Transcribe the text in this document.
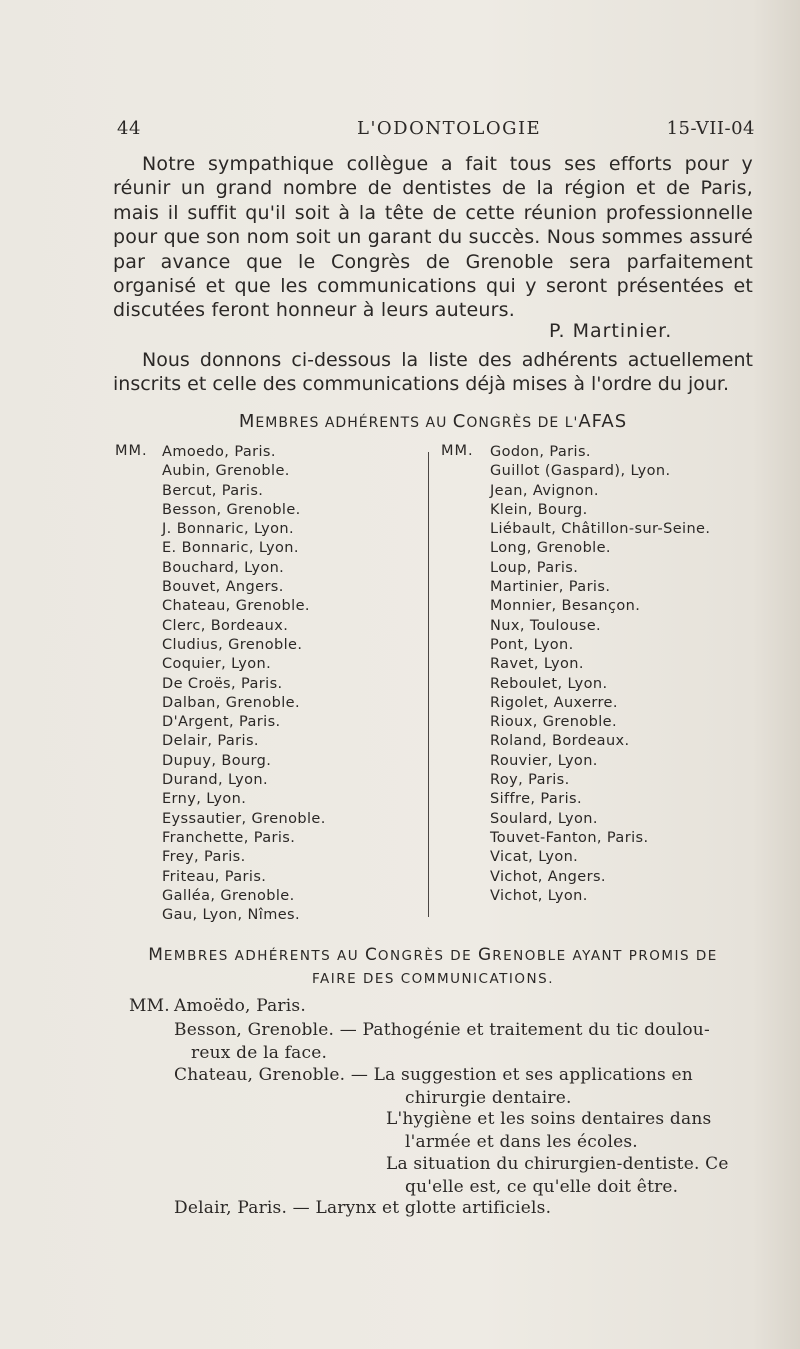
44	L'ODONTOLOGIE	15-VII-04

Notre sympathique collègue a fait tous ses efforts pour y réunir un grand nombre de dentistes de la région et de Paris, mais il suffit qu'il soit à la tête de cette réunion professionnelle pour que son nom soit un garant du succès. Nous sommes assuré par avance que le Congrès de Grenoble sera parfaitement organisé et que les communications qui y seront présentées et discutées feront honneur à leurs auteurs.

P. Martinier.

Nous donnons ci-dessous la liste des adhérents actuellement inscrits et celle des communications déjà mises à l'ordre du jour.

MEMBRES ADHÉRENTS AU CONGRÈS DE L'AFAS
MM. Amoedo, Paris.
Aubin, Grenoble.
Bercut, Paris.
Besson, Grenoble.
J. Bonnaric, Lyon.
E. Bonnaric, Lyon.
Bouchard, Lyon.
Bouvet, Angers.
Chateau, Grenoble.
Clerc, Bordeaux.
Cludius, Grenoble.
Coquier, Lyon.
De Croës, Paris.
Dalban, Grenoble.
D'Argent, Paris.
Delair, Paris.
Dupuy, Bourg.
Durand, Lyon.
Erny, Lyon.
Eyssautier, Grenoble.
Franchette, Paris.
Frey, Paris.
Friteau, Paris.
Galléa, Grenoble.
Gau, Lyon, Nîmes.
MM. Godon, Paris.
Guillot (Gaspard), Lyon.
Jean, Avignon.
Klein, Bourg.
Liébault, Châtillon-sur-Seine.
Long, Grenoble.
Loup, Paris.
Martinier, Paris.
Monnier, Besançon.
Nux, Toulouse.
Pont, Lyon.
Ravet, Lyon.
Reboulet, Lyon.
Rigolet, Auxerre.
Rioux, Grenoble.
Roland, Bordeaux.
Rouvier, Lyon.
Roy, Paris.
Siffre, Paris.
Soulard, Lyon.
Touvet-Fanton, Paris.
Vicat, Lyon.
Vichot, Angers.
Vichot, Lyon.
MEMBRES ADHÉRENTS AU CONGRÈS DE GRENOBLE AYANT PROMIS DE
FAIRE DES COMMUNICATIONS.
MM. Amoëdo, Paris.
Besson, Grenoble. — Pathogénie et traitement du tic doulou-
reux de la face.
Chateau, Grenoble. — La suggestion et ses applications en
chirurgie dentaire.
L'hygiène et les soins dentaires dans
l'armée et dans les écoles.
La situation du chirurgien-dentiste. Ce
qu'elle est, ce qu'elle doit être.
Delair, Paris. — Larynx et glotte artificiels.
